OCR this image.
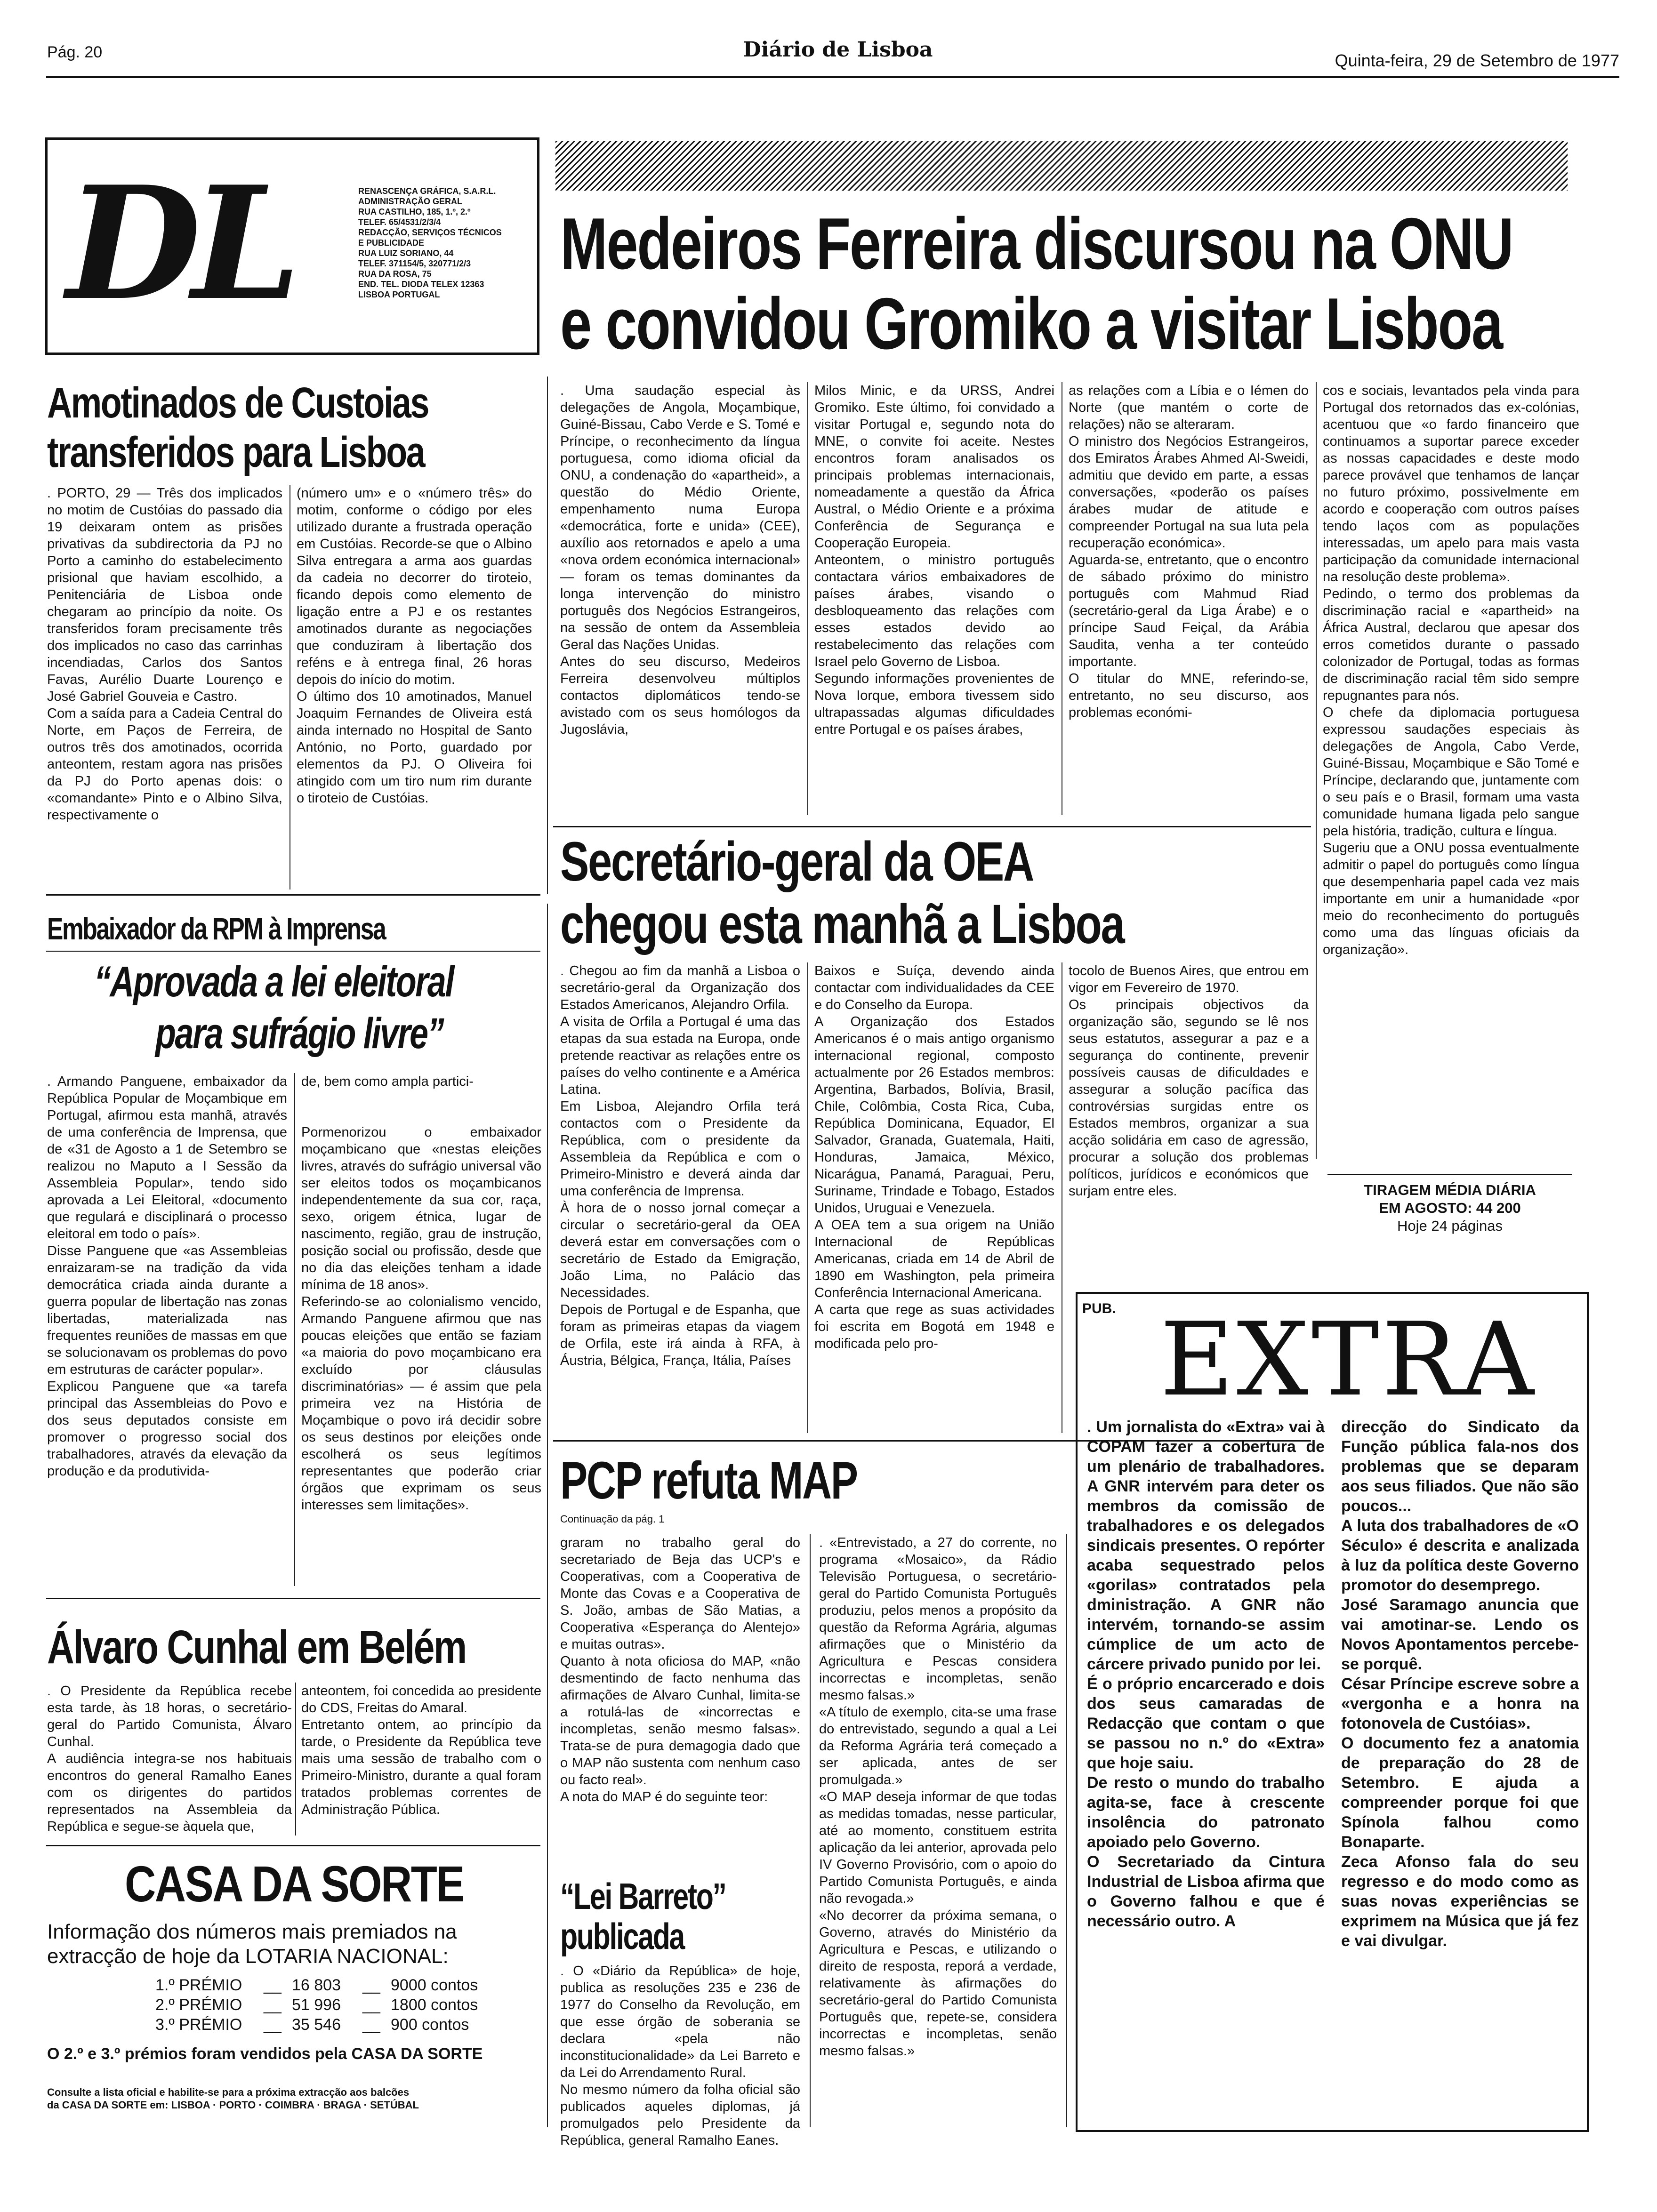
Pág. 20	Diário de Lisboa	Quinta-feira, 29 de Setembro de 1977
DL	RENASCENÇA GRÁFICA, S.A.R.L.
ADMINISTRAÇÃO GERAL
RUA CASTILHO, 185, 1.º, 2.º
TELEF. 65/4531/2/3/4
REDACÇÃO, SERVIÇOS TÉCNICOS
E PUBLICIDADE
RUA LUIZ SORIANO, 44
TELEF. 371154/5, 320771/2/3
RUA DA ROSA, 75
END. TEL. DIODA TELEX 12363
LISBOA PORTUGAL
Medeiros Ferreira discursou na ONU
e convidou Gromiko a visitar Lisboa
. Uma saudação especial às delegações de Angola, Moçambique, Guiné-Bissau, Cabo Verde e S. Tomé e Príncipe, o reconhecimento da língua portuguesa, como idioma oficial da ONU, a condenação do «apartheid», a questão do Médio Oriente, empenhamento numa Europa «democrática, forte e unida» (CEE), auxílio aos retornados e apelo a uma «nova ordem económica internacional» — foram os temas dominantes da longa intervenção do ministro português dos Negócios Estrangeiros, na sessão de ontem da Assembleia Geral das Nações Unidas.
Antes do seu discurso, Medeiros Ferreira desenvolveu múltiplos contactos diplomáticos tendo-se avistado com os seus homólogos da Jugoslávia,
Milos Minic, e da URSS, Andrei Gromiko. Este último, foi convidado a visitar Portugal e, segundo nota do MNE, o convite foi aceite. Nestes encontros foram analisados os principais problemas internacionais, nomeadamente a questão da África Austral, o Médio Oriente e a próxima Conferência de Segurança e Cooperação Europeia.
Anteontem, o ministro português contactara vários embaixadores de países árabes, visando o desbloqueamento das relações com esses estados devido ao restabelecimento das relações com Israel pelo Governo de Lisboa.
Segundo informações provenientes de Nova Iorque, embora tivessem sido ultrapassadas algumas dificuldades entre Portugal e os países árabes,
as relações com a Líbia e o Iémen do Norte (que mantém o corte de relações) não se alteraram.
O ministro dos Negócios Estrangeiros, dos Emiratos Árabes Ahmed Al-Sweidi, admitiu que devido em parte, a essas conversações, «poderão os países árabes mudar de atitude e compreender Portugal na sua luta pela recuperação económica».
Aguarda-se, entretanto, que o encontro de sábado próximo do ministro português com Mahmud Riad (secretário-geral da Liga Árabe) e o príncipe Saud Feiçal, da Arábia Saudita, venha a ter conteúdo importante.
O titular do MNE, referindo-se, entretanto, no seu discurso, aos problemas económi-
cos e sociais, levantados pela vinda para Portugal dos retornados das ex-colónias, acentuou que «o fardo financeiro que continuamos a suportar parece exceder as nossas capacidades e deste modo parece provável que tenhamos de lançar no futuro próximo, possivelmente em acordo e cooperação com outros países tendo laços com as populações interessadas, um apelo para mais vasta participação da comunidade internacional na resolução deste problema».
Pedindo, o termo dos problemas da discriminação racial e «apartheid» na África Austral, declarou que apesar dos erros cometidos durante o passado colonizador de Portugal, todas as formas de discriminação racial têm sido sempre repugnantes para nós.
O chefe da diplomacia portuguesa expressou saudações especiais às delegações de Angola, Cabo Verde, Guiné-Bissau, Moçambique e São Tomé e Príncipe, declarando que, juntamente com o seu país e o Brasil, formam uma vasta comunidade humana ligada pelo sangue pela história, tradição, cultura e língua.
Sugeriu que a ONU possa eventualmente admitir o papel do português como língua que desempenharia papel cada vez mais importante em unir a humanidade «por meio do reconhecimento do português como uma das línguas oficiais da organização».
Amotinados de Custoias
transferidos para Lisboa
. PORTO, 29 — Três dos implicados no motim de Custóias do passado dia 19 deixaram ontem as prisões privativas da subdirectoria da PJ no Porto a caminho do estabelecimento prisional que haviam escolhido, a Penitenciária de Lisboa onde chegaram ao princípio da noite. Os transferidos foram precisamente três dos implicados no caso das carrinhas incendiadas, Carlos dos Santos Favas, Aurélio Duarte Lourenço e José Gabriel Gouveia e Castro.
Com a saída para a Cadeia Central do Norte, em Paços de Ferreira, de outros três dos amotinados, ocorrida anteontem, restam agora nas prisões da PJ do Porto apenas dois: o «comandante» Pinto e o Albino Silva, respectivamente o
(número um» e o «número três» do motim, conforme o código por eles utilizado durante a frustrada operação em Custóias. Recorde-se que o Albino Silva entregara a arma aos guardas da cadeia no decorrer do tiroteio, ficando depois como elemento de ligação entre a PJ e os restantes amotinados durante as negociações que conduziram à libertação dos reféns e à entrega final, 26 horas depois do início do motim.
O último dos 10 amotinados, Manuel Joaquim Fernandes de Oliveira está ainda internado no Hospital de Santo António, no Porto, guardado por elementos da PJ. O Oliveira foi atingido com um tiro num rim durante o tiroteio de Custóias.
Embaixador da RPM à Imprensa
“Aprovada a lei eleitoral
para sufrágio livre”
. Armando Panguene, embaixador da República Popular de Moçambique em Portugal, afirmou esta manhã, através de uma conferência de Imprensa, que de «31 de Agosto a 1 de Setembro se realizou no Maputo a I Sessão da Assembleia Popular», tendo sido aprovada a Lei Eleitoral, «documento que regulará e disciplinará o processo eleitoral em todo o país».
Disse Panguene que «as Assembleias enraizaram-se na tradição da vida democrática criada ainda durante a guerra popular de libertação nas zonas libertadas, materializada nas frequentes reuniões de massas em que se solucionavam os problemas do povo em estruturas de carácter popular».
Explicou Panguene que «a tarefa principal das Assembleias do Povo e dos seus deputados consiste em promover o progresso social dos trabalhadores, através da elevação da produção e da produtivida-
de, bem como ampla partici-

Pormenorizou o embaixador moçambicano que «nestas eleições livres, através do sufrágio universal vão ser eleitos todos os moçambicanos independentemente da sua cor, raça, sexo, origem étnica, lugar de nascimento, região, grau de instrução, posição social ou profissão, desde que no dia das eleições tenham a idade mínima de 18 anos».
Referindo-se ao colonialismo vencido, Armando Panguene afirmou que nas poucas eleições que então se faziam «a maioria do povo moçambicano era excluído por cláusulas discriminatórias» — é assim que pela primeira vez na História de Moçambique o povo irá decidir sobre os seus destinos por eleições onde escolherá os seus legítimos representantes que poderão criar órgãos que exprimam os seus interesses sem limitações».
Secretário-geral da OEA
chegou esta manhã a Lisboa
. Chegou ao fim da manhã a Lisboa o secretário-geral da Organização dos Estados Americanos, Alejandro Orfila.
A visita de Orfila a Portugal é uma das etapas da sua estada na Europa, onde pretende reactivar as relações entre os países do velho continente e a América Latina.
Em Lisboa, Alejandro Orfila terá contactos com o Presidente da República, com o presidente da Assembleia da República e com o Primeiro-Ministro e deverá ainda dar uma conferência de Imprensa.
À hora de o nosso jornal começar a circular o secretário-geral da OEA deverá estar em conversações com o secretário de Estado da Emigração, João Lima, no Palácio das Necessidades.
Depois de Portugal e de Espanha, que foram as primeiras etapas da viagem de Orfila, este irá ainda à RFA, à Áustria, Bélgica, França, Itália, Países
Baixos e Suíça, devendo ainda contactar com individualidades da CEE e do Conselho da Europa.
A Organização dos Estados Americanos é o mais antigo organismo internacional regional, composto actualmente por 26 Estados membros: Argentina, Barbados, Bolívia, Brasil, Chile, Colômbia, Costa Rica, Cuba, República Dominicana, Equador, El Salvador, Granada, Guatemala, Haiti, Honduras, Jamaica, México, Nicarágua, Panamá, Paraguai, Peru, Suriname, Trindade e Tobago, Estados Unidos, Uruguai e Venezuela.
A OEA tem a sua origem na União Internacional de Repúblicas Americanas, criada em 14 de Abril de 1890 em Washington, pela primeira Conferência Internacional Americana.
A carta que rege as suas actividades foi escrita em Bogotá em 1948 e modificada pelo pro-
tocolo de Buenos Aires, que entrou em vigor em Fevereiro de 1970.
Os principais objectivos da organização são, segundo se lê nos seus estatutos, assegurar a paz e a segurança do continente, prevenir possíveis causas de dificuldades e assegurar a solução pacífica das controvérsias surgidas entre os Estados membros, organizar a sua acção solidária em caso de agressão, procurar a solução dos problemas políticos, jurídicos e económicos que surjam entre eles.	TIRAGEM MÉDIA DIÁRIA
EM AGOSTO: 44 200
Hoje 24 páginas
PUB. EXTRA
. Um jornalista do «Extra» vai à COPAM fazer a cobertura de um plenário de trabalhadores. A GNR intervém para deter os membros da comissão de trabalhadores e os delegados sindicais presentes. O repórter acaba sequestrado pelos «gorilas» contratados pela dministração. A GNR não intervém, tornando-se assim cúmplice de um acto de cárcere privado punido por lei.
É o próprio encarcerado e dois dos seus camaradas de Redacção que contam o que se passou no n.º do «Extra» que hoje saiu.
De resto o mundo do trabalho agita-se, face à crescente insolência do patronato apoiado pelo Governo.
O Secretariado da Cintura Industrial de Lisboa afirma que o Governo falhou e que é necessário outro. A
direcção do Sindicato da Função pública fala-nos dos problemas que se deparam aos seus filiados. Que não são poucos...
A luta dos trabalhadores de «O Século» é descrita e analizada à luz da política deste Governo promotor do desemprego.
José Saramago anuncia que vai amotinar-se. Lendo os Novos Apontamentos percebe-se porquê.
César Príncipe escreve sobre a «vergonha e a honra na fotonovela de Custóias».
O documento fez a anatomia de preparação do 28 de Setembro. E ajuda a compreender porque foi que Spínola falhou como Bonaparte.
Zeca Afonso fala do seu regresso e do modo como as suas novas experiências se exprimem na Música que já fez e vai divulgar.
Álvaro Cunhal em Belém
. O Presidente da República recebe esta tarde, às 18 horas, o secretário-geral do Partido Comunista, Álvaro Cunhal.
A audiência integra-se nos habituais encontros do general Ramalho Eanes com os dirigentes do partidos representados na Assembleia da República e segue-se àquela que,
anteontem, foi concedida ao presidente do CDS, Freitas do Amaral.
Entretanto ontem, ao princípio da tarde, o Presidente da República teve mais uma sessão de trabalho com o Primeiro-Ministro, durante a qual foram tratados problemas correntes de Administração Pública.
CASA DA SORTE
Informação dos números mais premiados na extracção de hoje da LOTARIA NACIONAL:
1.º PRÉMIO	__ 16 803	__ 9000 contos
2.º PRÉMIO	__ 51 996	__ 1800 contos
3.º PRÉMIO	__ 35 546	__ 900 contos
O 2.º e 3.º prémios foram vendidos pela CASA DA SORTE
Consulte a lista oficial e habilite-se para a próxima extracção aos balcões
da CASA DA SORTE em: LISBOA · PORTO · COIMBRA · BRAGA · SETÚBAL
PCP refuta MAP
Continuação da pág. 1
graram no trabalho geral do secretariado de Beja das UCP's e Cooperativas, com a Cooperativa de Monte das Covas e a Cooperativa de S. João, ambas de São Matias, a Cooperativa «Esperança do Alentejo» e muitas outras».
Quanto à nota oficiosa do MAP, «não desmentindo de facto nenhuma das afirmações de Alvaro Cunhal, limita-se a rotulá-las de «incorrectas e incompletas, senão mesmo falsas». Trata-se de pura demagogia dado que o MAP não sustenta com nenhum caso ou facto real».
A nota do MAP é do seguinte teor:
. «Entrevistado, a 27 do corrente, no programa «Mosaico», da Rádio Televisão Portuguesa, o secretário-geral do Partido Comunista Português produziu, pelos menos a propósito da questão da Reforma Agrária, algumas afirmações que o Ministério da Agricultura e Pescas considera incorrectas e incompletas, senão mesmo falsas.»
«A título de exemplo, cita-se uma frase do entrevistado, segundo a qual a Lei da Reforma Agrária terá começado a ser aplicada, antes de ser promulgada.»
«O MAP deseja informar de que todas as medidas tomadas, nesse particular, até ao momento, constituem estrita aplicação da lei anterior, aprovada pelo IV Governo Provisório, com o apoio do Partido Comunista Português, e ainda não revogada.»
«No decorrer da próxima semana, o Governo, através do Ministério da Agricultura e Pescas, e utilizando o direito de resposta, reporá a verdade, relativamente às afirmações do secretário-geral do Partido Comunista Português que, repete-se, considera incorrectas e incompletas, senão mesmo falsas.»
“Lei Barreto”
publicada
. O «Diário da República» de hoje, publica as resoluções 235 e 236 de 1977 do Conselho da Revolução, em que esse órgão de soberania se declara «pela não inconstitucionalidade» da Lei Barreto e da Lei do Arrendamento Rural.
No mesmo número da folha oficial são publicados aqueles diplomas, já promulgados pelo Presidente da República, general Ramalho Eanes.
